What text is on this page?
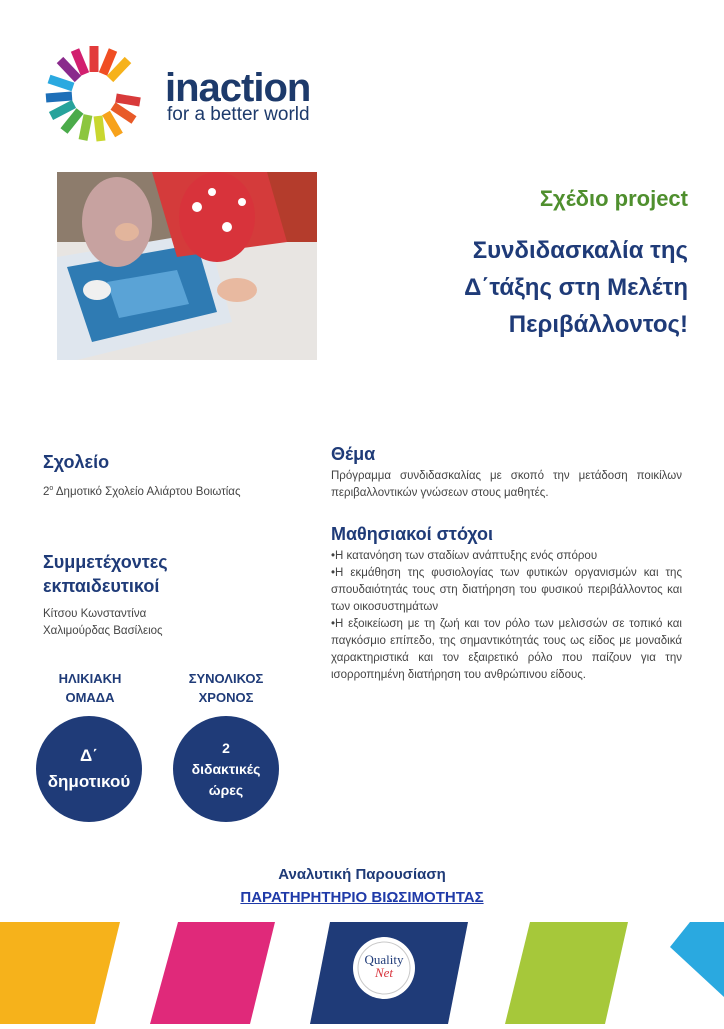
inaction
for a better world
Σχέδιο project
Συνδιδασκαλία της
Δ΄τάξης στη Μελέτη
Περιβάλλοντος!
Σχολείο
$2^o$ Δημοτικό Σχολείο Αλιάρτου Βοιωτίας
Συμμετέχοντες
εκπαιδευτικοί
Κίτσου Κωνσταντίνα
Χαλιμούρδας Βασίλειος
ΗΛΙΚΙΑΚΗ
ΟΜΑΔΑ
Δ΄
δημοτικού
ΣΥΝΟΛΙΚΟΣ
ΧΡΟΝΟΣ
2
διδακτικές
ώρες
Θέμα
Πρόγραμμα συνδιδασκαλίας με σκοπό την μετάδοση ποικίλων περιβαλλοντικών γνώσεων στους μαθητές.
Μαθησιακοί στόχοι

•Η κατανόηση των σταδίων ανάπτυξης ενός σπόρου

•Η εκμάθηση της φυσιολογίας των φυτικών οργανισμών και της σπουδαιότητάς τους στη διατήρηση του φυσικού περιβάλλοντος και των οικοσυστημάτων

•Η εξοικείωση με τη ζωή και τον ρόλο των μελισσών σε τοπικό και παγκόσμιο επίπεδο, της σημαντικότητάς τους ως είδος με μοναδικά χαρακτηριστικά και τον εξαιρετικό ρόλο που παίζουν για την ισορροπημένη διατήρηση του ανθρώπινου είδους.

Αναλυτική Παρουσίαση
ΠΑΡΑΤΗΡΗΤΗΡΙΟ ΒΙΩΣΙΜΟΤΗΤΑΣ
Quality
Net
